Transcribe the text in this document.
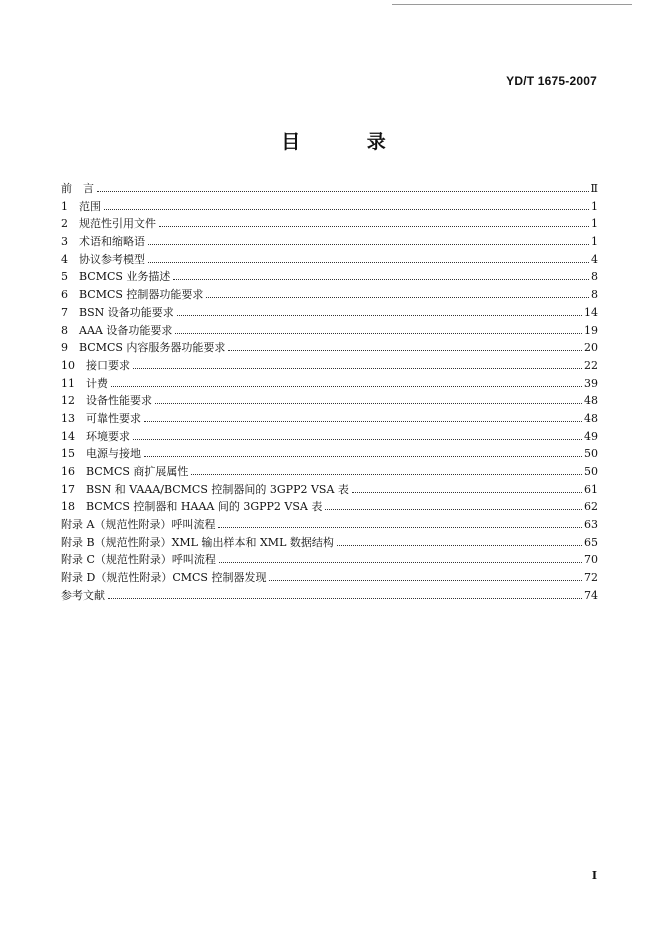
YD/T 1675-2007
目 录
前　言	Ⅱ
1　范围	1
2　规范性引用文件	1
3　术语和缩略语	1
4　协议参考模型	4
5　BCMCS 业务描述	8
6　BCMCS 控制器功能要求	8
7　BSN 设备功能要求	14
8　AAA 设备功能要求	19
9　BCMCS 内容服务器功能要求	20
10　接口要求	22
11　计费	39
12　设备性能要求	48
13　可靠性要求	48
14　环境要求	49
15　电源与接地	50
16　BCMCS 商扩展属性	50
17　BSN 和 VAAA/BCMCS 控制器间的 3GPP2 VSA 表	61
18　BCMCS 控制器和 HAAA 间的 3GPP2 VSA 表	62
附录 A（规范性附录）呼叫流程	63
附录 B（规范性附录）XML 输出样本和 XML 数据结构	65
附录 C（规范性附录）呼叫流程	70
附录 D（规范性附录）CMCS 控制器发现	72
参考文献	74
I
